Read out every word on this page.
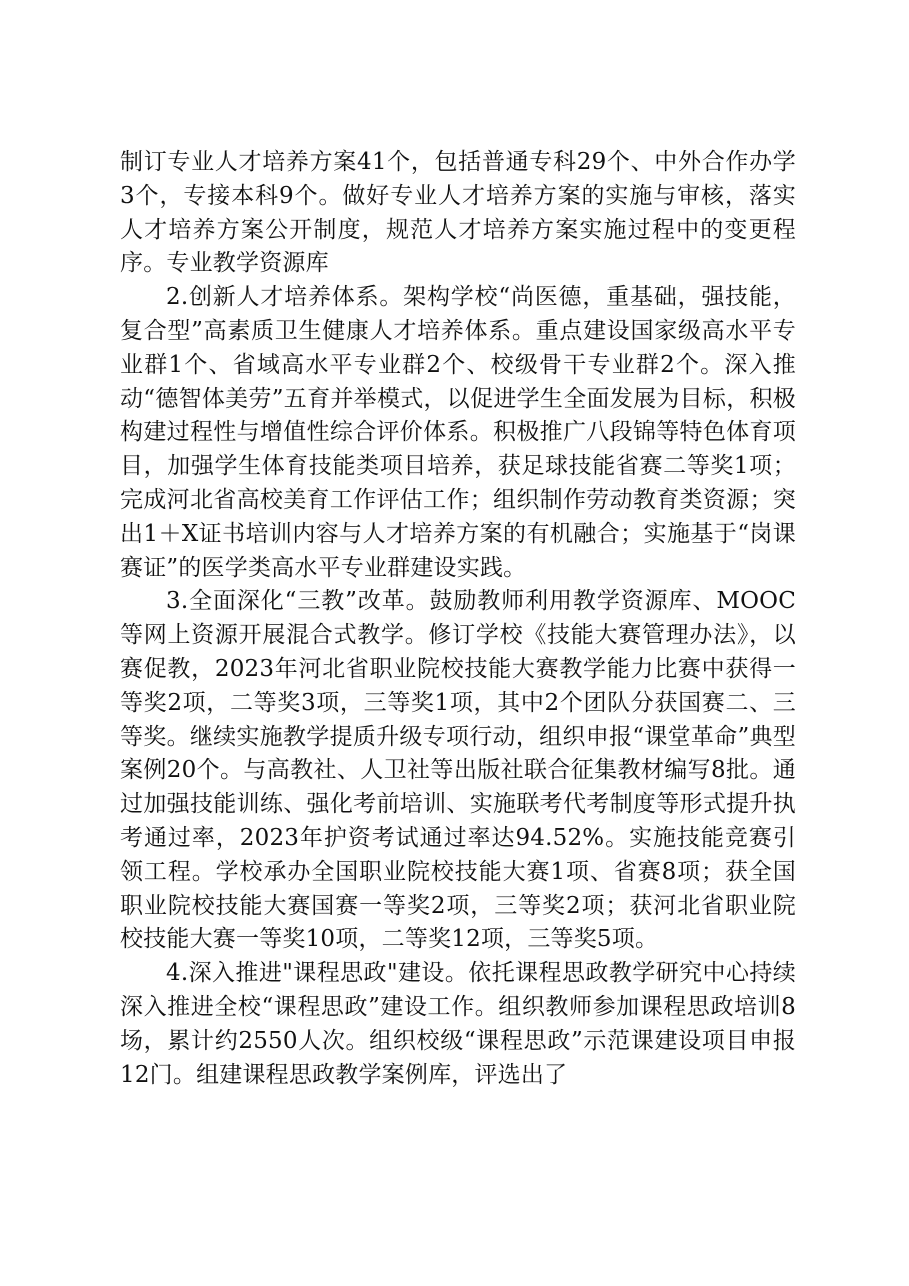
制订专业人才培养方案41个，包括普通专科29个、中外合作办学3个，专接本科9个。做好专业人才培养方案的实施与审核，落实人才培养方案公开制度，规范人才培养方案实施过程中的变更程序。专业教学资源库

2.创新人才培养体系。架构学校“尚医德，重基础，强技能，复合型”高素质卫生健康人才培养体系。重点建设国家级高水平专业群1个、省域高水平专业群2个、校级骨干专业群2个。深入推动“德智体美劳”五育并举模式，以促进学生全面发展为目标，积极构建过程性与增值性综合评价体系。积极推广八段锦等特色体育项目，加强学生体育技能类项目培养，获足球技能省赛二等奖1项；完成河北省高校美育工作评估工作；组织制作劳动教育类资源；突出1＋X证书培训内容与人才培养方案的有机融合；实施基于“岗课赛证”的医学类高水平专业群建设实践。

3.全面深化“三教”改革。鼓励教师利用教学资源库、MOOC等网上资源开展混合式教学。修订学校《技能大赛管理办法》，以赛促教，2023年河北省职业院校技能大赛教学能力比赛中获得一等奖2项，二等奖3项，三等奖1项，其中2个团队分获国赛二、三等奖。继续实施教学提质升级专项行动，组织申报“课堂革命”典型案例20个。与高教社、人卫社等出版社联合征集教材编写8批。通过加强技能训练、强化考前培训、实施联考代考制度等形式提升执考通过率，2023年护资考试通过率达94.52%。实施技能竞赛引领工程。学校承办全国职业院校技能大赛1项、省赛8项；获全国职业院校技能大赛国赛一等奖2项，三等奖2项；获河北省职业院校技能大赛一等奖10项，二等奖12项，三等奖5项。

4.深入推进"课程思政"建设。依托课程思政教学研究中心持续深入推进全校“课程思政”建设工作。组织教师参加课程思政培训8场，累计约2550人次。组织校级“课程思政”示范课建设项目申报12门。组建课程思政教学案例库，评选出了
